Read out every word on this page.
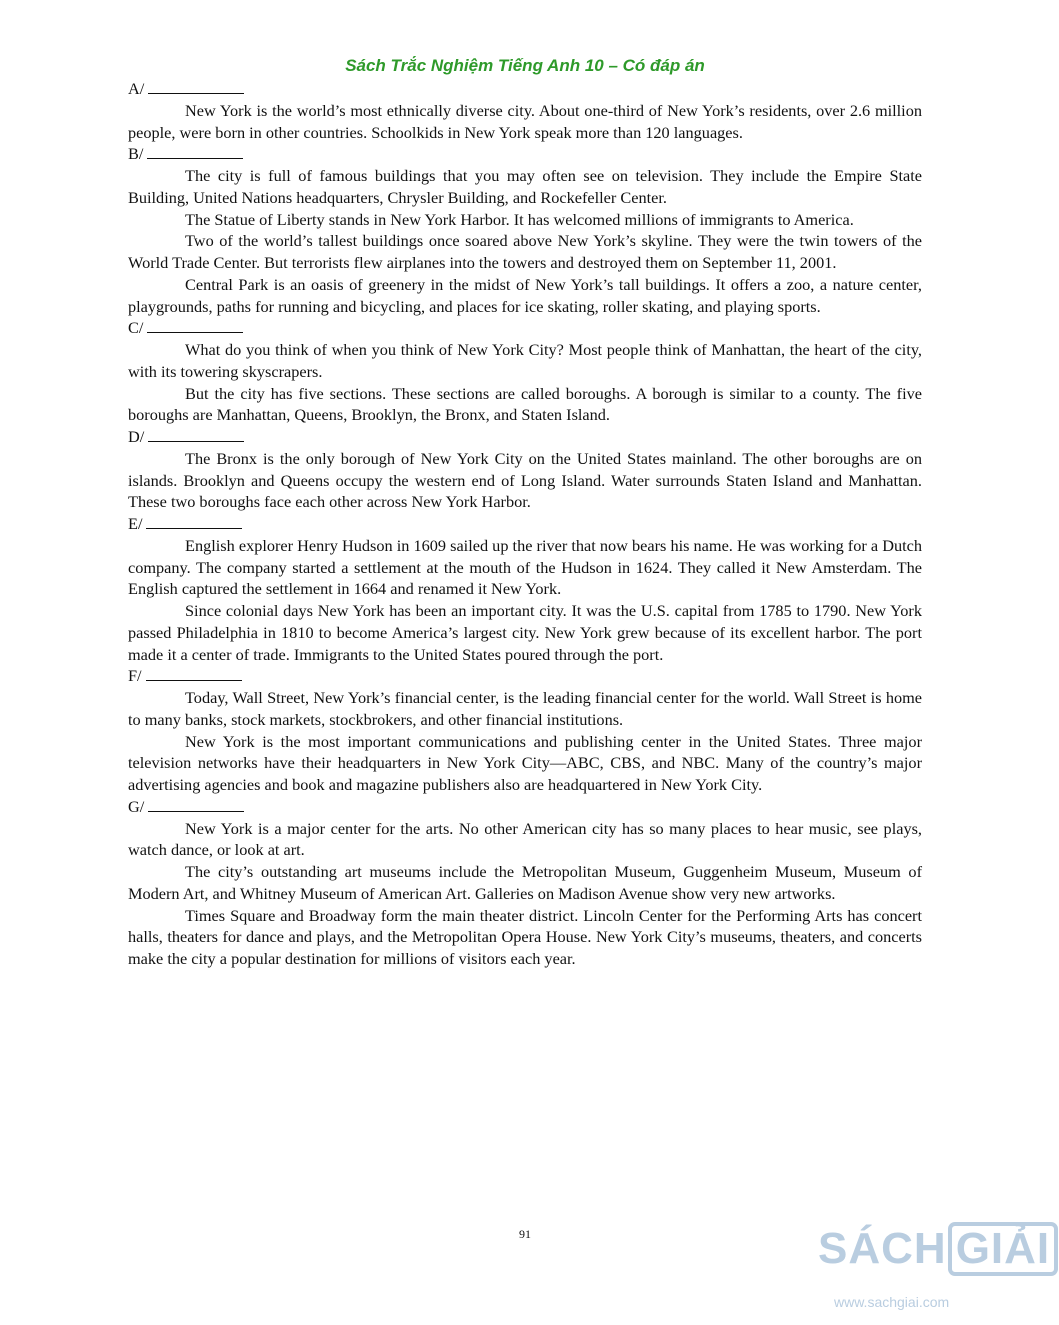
Sách Trắc Nghiệm Tiếng Anh 10 – Có đáp án
A/

New York is the world’s most ethnically diverse city. About one-third of New York’s residents, over 2.6 million people, were born in other countries. Schoolkids in New York speak more than 120 languages.

B/

The city is full of famous buildings that you may often see on television. They include the Empire State Building, United Nations headquarters, Chrysler Building, and Rockefeller Center.

The Statue of Liberty stands in New York Harbor. It has welcomed millions of immigrants to America.

Two of the world’s tallest buildings once soared above New York’s skyline. They were the twin towers of the World Trade Center. But terrorists flew airplanes into the towers and destroyed them on September 11, 2001.

Central Park is an oasis of greenery in the midst of New York’s tall buildings. It offers a zoo, a nature center, playgrounds, paths for running and bicycling, and places for ice skating, roller skating, and playing sports.

C/

What do you think of when you think of New York City? Most people think of Manhattan, the heart of the city, with its towering skyscrapers.

But the city has five sections. These sections are called boroughs. A borough is similar to a county. The five boroughs are Manhattan, Queens, Brooklyn, the Bronx, and Staten Island.

D/

The Bronx is the only borough of New York City on the United States mainland. The other boroughs are on islands. Brooklyn and Queens occupy the western end of Long Island. Water surrounds Staten Island and Manhattan. These two boroughs face each other across New York Harbor.

E/

English explorer Henry Hudson in 1609 sailed up the river that now bears his name. He was working for a Dutch company. The company started a settlement at the mouth of the Hudson in 1624. They called it New Amsterdam. The English captured the settlement in 1664 and renamed it New York.

Since colonial days New York has been an important city. It was the U.S. capital from 1785 to 1790. New York passed Philadelphia in 1810 to become America’s largest city. New York grew because of its excellent harbor. The port made it a center of trade. Immigrants to the United States poured through the port.

F/

Today, Wall Street, New York’s financial center, is the leading financial center for the world. Wall Street is home to many banks, stock markets, stockbrokers, and other financial institutions.

New York is the most important communications and publishing center in the United States. Three major television networks have their headquarters in New York City—ABC, CBS, and NBC. Many of the country’s major advertising agencies and book and magazine publishers also are headquartered in New York City.

G/

New York is a major center for the arts. No other American city has so many places to hear music, see plays, watch dance, or look at art.

The city’s outstanding art museums include the Metropolitan Museum, Guggenheim Museum, Museum of Modern Art, and Whitney Museum of American Art. Galleries on Madison Avenue show very new artworks.

Times Square and Broadway form the main theater district. Lincoln Center for the Performing Arts has concert halls, theaters for dance and plays, and the Metropolitan Opera House. New York City’s museums, theaters, and concerts make the city a popular destination for millions of visitors each year.

91	SÁCH GIẢI
www.sachgiai.com
